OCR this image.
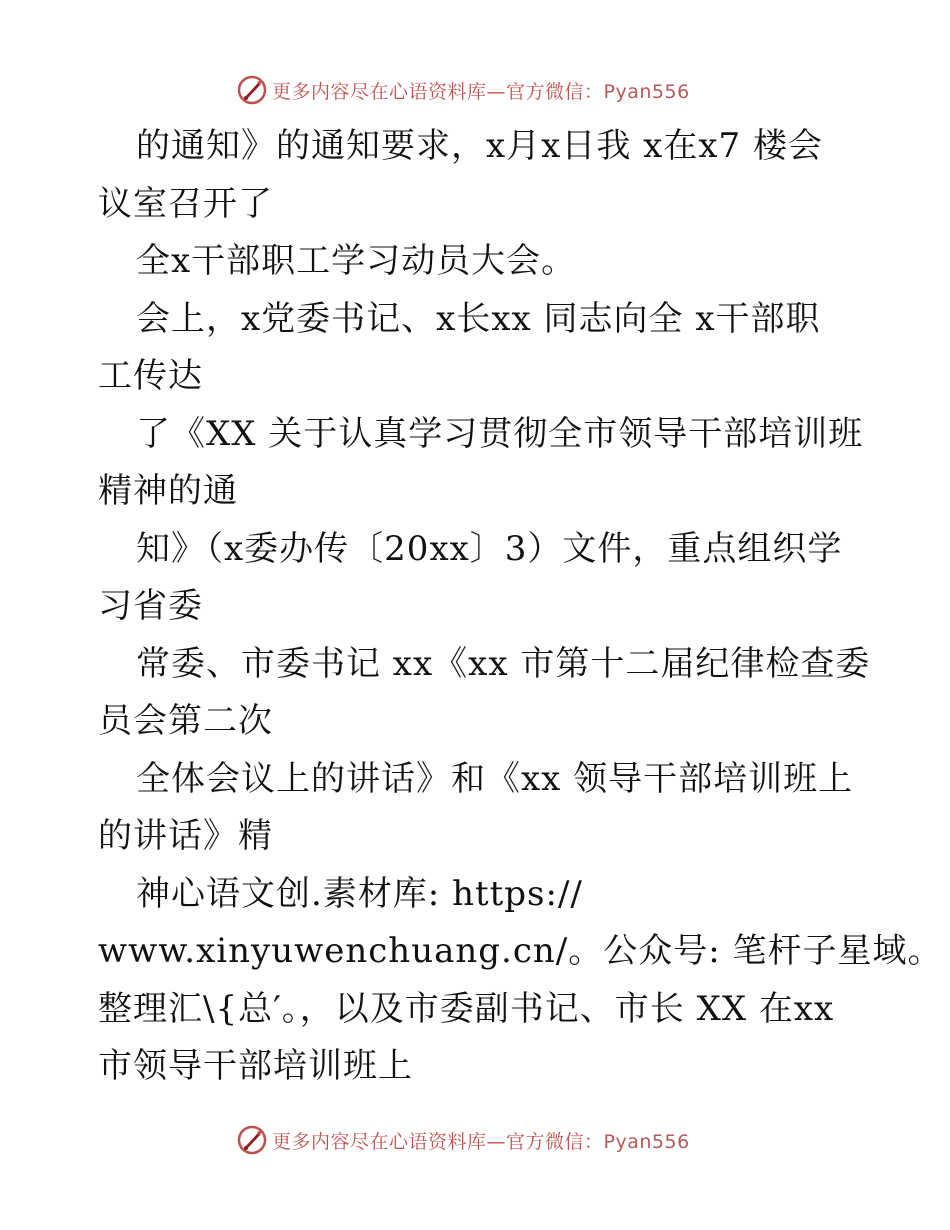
更多内容尽在心语资料库—官方微信：Pyan556
的通知》的通知要求，x月x日我 x在x7 楼会
议室召开了
全x干部职工学习动员大会。
会上，x党委书记、x长xx 同志向全 x干部职
工传达
了《XX 关于认真学习贯彻全市领导干部培训班
精神的通
知》（x委办传〔20xx〕3）文件，重点组织学
习省委
常委、市委书记 xx《xx 市第十二届纪律检查委
员会第二次
全体会议上的讲话》和《xx 领导干部培训班上
的讲话》精
神心语文创.素材库: https://
www.xinyuwenchuang.cn/。公众号: 笔杆子星域。
整理汇\{总′。，以及市委副书记、市长 XX 在xx
市领导干部培训班上
更多内容尽在心语资料库—官方微信：Pyan556
